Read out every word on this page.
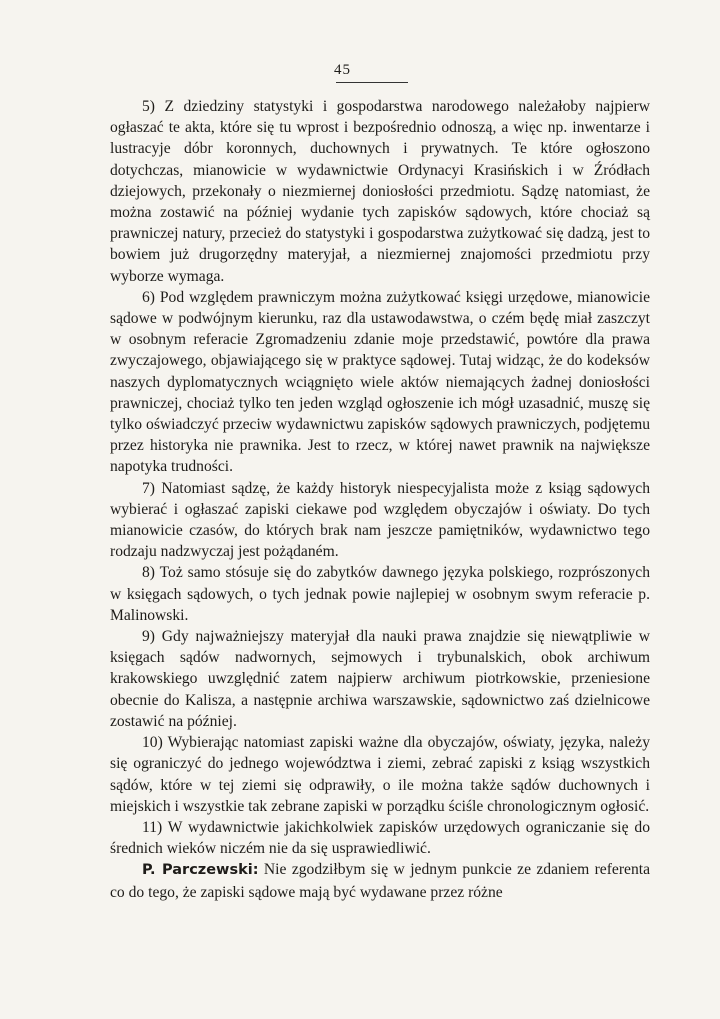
45

5) Z dziedziny statystyki i gospodarstwa narodowego należałoby najpierw ogłaszać te akta, które się tu wprost i bezpośrednio odnoszą, a więc np. inwentarze i lustracyje dóbr koronnych, duchownych i prywatnych. Te które ogłoszono dotychczas, mianowicie w wydawnictwie Ordynacyi Krasińskich i w Źródłach dziejowych, przekonały o niezmiernej doniosłości przedmiotu. Sądzę natomiast, że można zostawić na później wydanie tych zapisków sądowych, które chociaż są prawniczej natury, przecież do statystyki i gospodarstwa zużytkować się dadzą, jest to bowiem już drugorzędny materyjał, a niezmiernej znajomości przedmiotu przy wyborze wymaga.

6) Pod względem prawniczym można zużytkować księgi urzędowe, mianowicie sądowe w podwójnym kierunku, raz dla ustawodawstwa, o czém będę miał zaszczyt w osobnym referacie Zgromadzeniu zdanie moje przedstawić, powtóre dla prawa zwyczajowego, objawiającego się w praktyce sądowej. Tutaj widząc, że do kodeksów naszych dyplomatycznych wciągnięto wiele aktów niemających żadnej doniosłości prawniczej, chociaż tylko ten jeden wzgląd ogłoszenie ich mógł uzasadnić, muszę się tylko oświadczyć przeciw wydawnictwu zapisków sądowych prawniczych, podjętemu przez historyka nie prawnika. Jest to rzecz, w której nawet prawnik na największe napotyka trudności.

7) Natomiast sądzę, że każdy historyk niespecyjalista może z ksiąg sądowych wybierać i ogłaszać zapiski ciekawe pod względem obyczajów i oświaty. Do tych mianowicie czasów, do których brak nam jeszcze pamiętników, wydawnictwo tego rodzaju nadzwyczaj jest pożądaném.

8) Toż samo stósuje się do zabytków dawnego języka polskiego, rozprószonych w księgach sądowych, o tych jednak powie najlepiej w osobnym swym referacie p. Malinowski.

9) Gdy najważniejszy materyjał dla nauki prawa znajdzie się niewątpliwie w księgach sądów nadwornych, sejmowych i trybunalskich, obok archiwum krakowskiego uwzględnić zatem najpierw archiwum piotrkowskie, przeniesione obecnie do Kalisza, a następnie archiwa warszawskie, sądownictwo zaś dzielnicowe zostawić na później.

10) Wybierając natomiast zapiski ważne dla obyczajów, oświaty, języka, należy się ograniczyć do jednego województwa i ziemi, zebrać zapiski z ksiąg wszystkich sądów, które w tej ziemi się odprawiły, o ile można także sądów duchownych i miejskich i wszystkie tak zebrane zapiski w porządku ściśle chronologicznym ogłosić.

11) W wydawnictwie jakichkolwiek zapisków urzędowych ograniczanie się do średnich wieków niczém nie da się usprawiedliwić.

P. Parczewski: Nie zgodziłbym się w jednym punkcie ze zdaniem referenta co do tego, że zapiski sądowe mają być wydawane przez różne
